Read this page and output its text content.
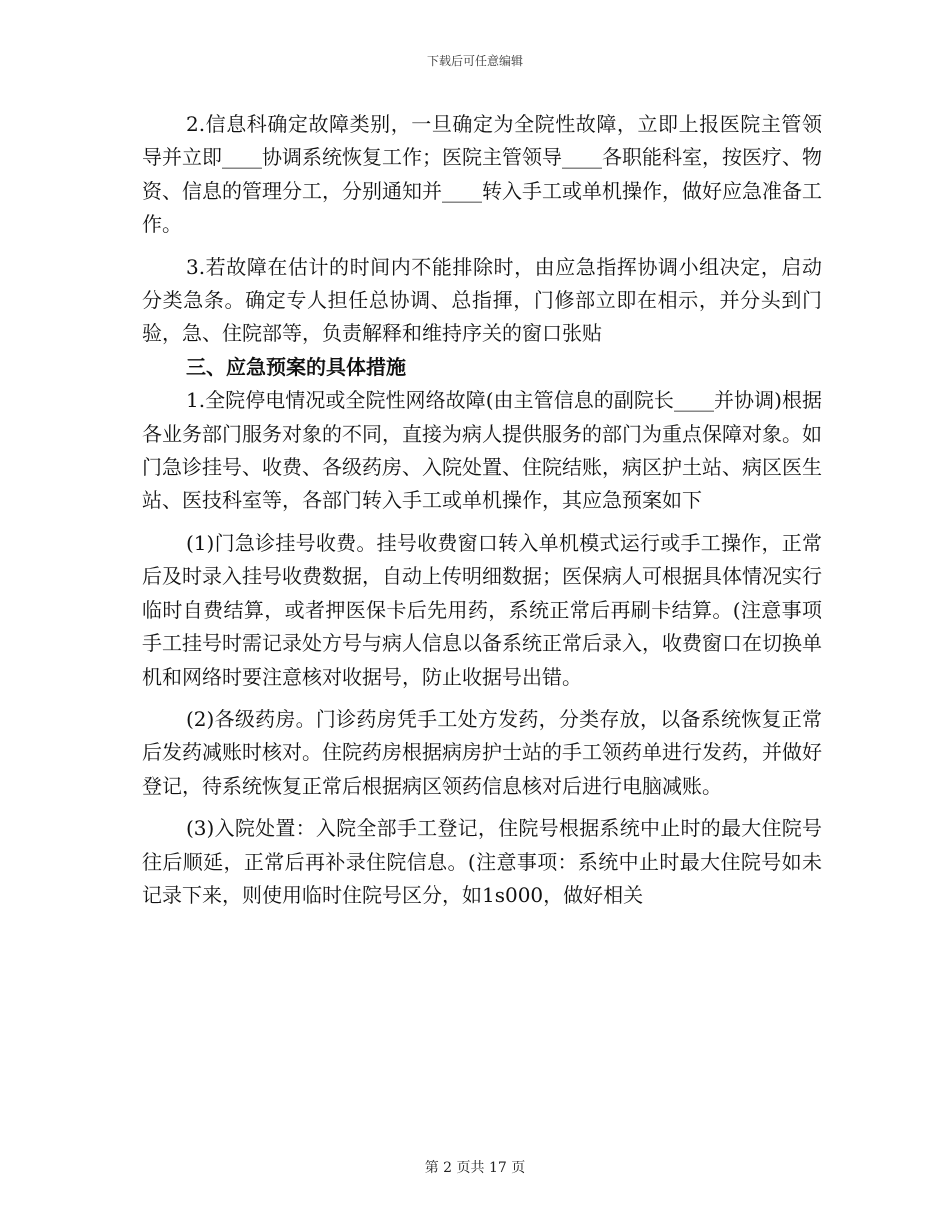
下载后可任意编辑

2.信息科确定故障类别，一旦确定为全院性故障，立即上报医院主管领导并立即____协调系统恢复工作；医院主管领导____各职能科室，按医疗、物资、信息的管理分工，分别通知并____转入手工或单机操作，做好应急准备工作。

3.若故障在估计的时间内不能排除时，由应急指挥协调小组决定，启动分类急条。确定专人担任总协调、总指揮，门修部立即在相示，并分头到门验，急、住院部等，负责解释和维持序关的窗口张贴

三、应急预案的具体措施

1.全院停电情况或全院性网络故障(由主管信息的副院长____并协调)根据各业务部门服务对象的不同，直接为病人提供服务的部门为重点保障对象。如门急诊挂号、收费、各级药房、入院处置、住院结账，病区护土站、病区医生站、医技科室等，各部门转入手工或单机操作，其应急预案如下

(1)门急诊挂号收费。挂号收费窗口转入单机模式运行或手工操作，正常后及时录入挂号收费数据，自动上传明细数据；医保病人可根据具体情况实行临时自费结算，或者押医保卡后先用药，系统正常后再刷卡结算。(注意事项手工挂号时需记录处方号与病人信息以备系统正常后录入，收费窗口在切换单机和网络时要注意核对收据号，防止收据号出错。

(2)各级药房。门诊药房凭手工处方发药，分类存放，以备系统恢复正常后发药减账时核对。住院药房根据病房护士站的手工领药单进行发药，并做好登记，待系统恢复正常后根据病区领药信息核对后进行电脑减账。

(3)入院处置：入院全部手工登记，住院号根据系统中止时的最大住院号往后顺延，正常后再补录住院信息。(注意事项：系统中止时最大住院号如未记录下来，则使用临时住院号区分，如1s000，做好相关

第 2 页共 17 页
